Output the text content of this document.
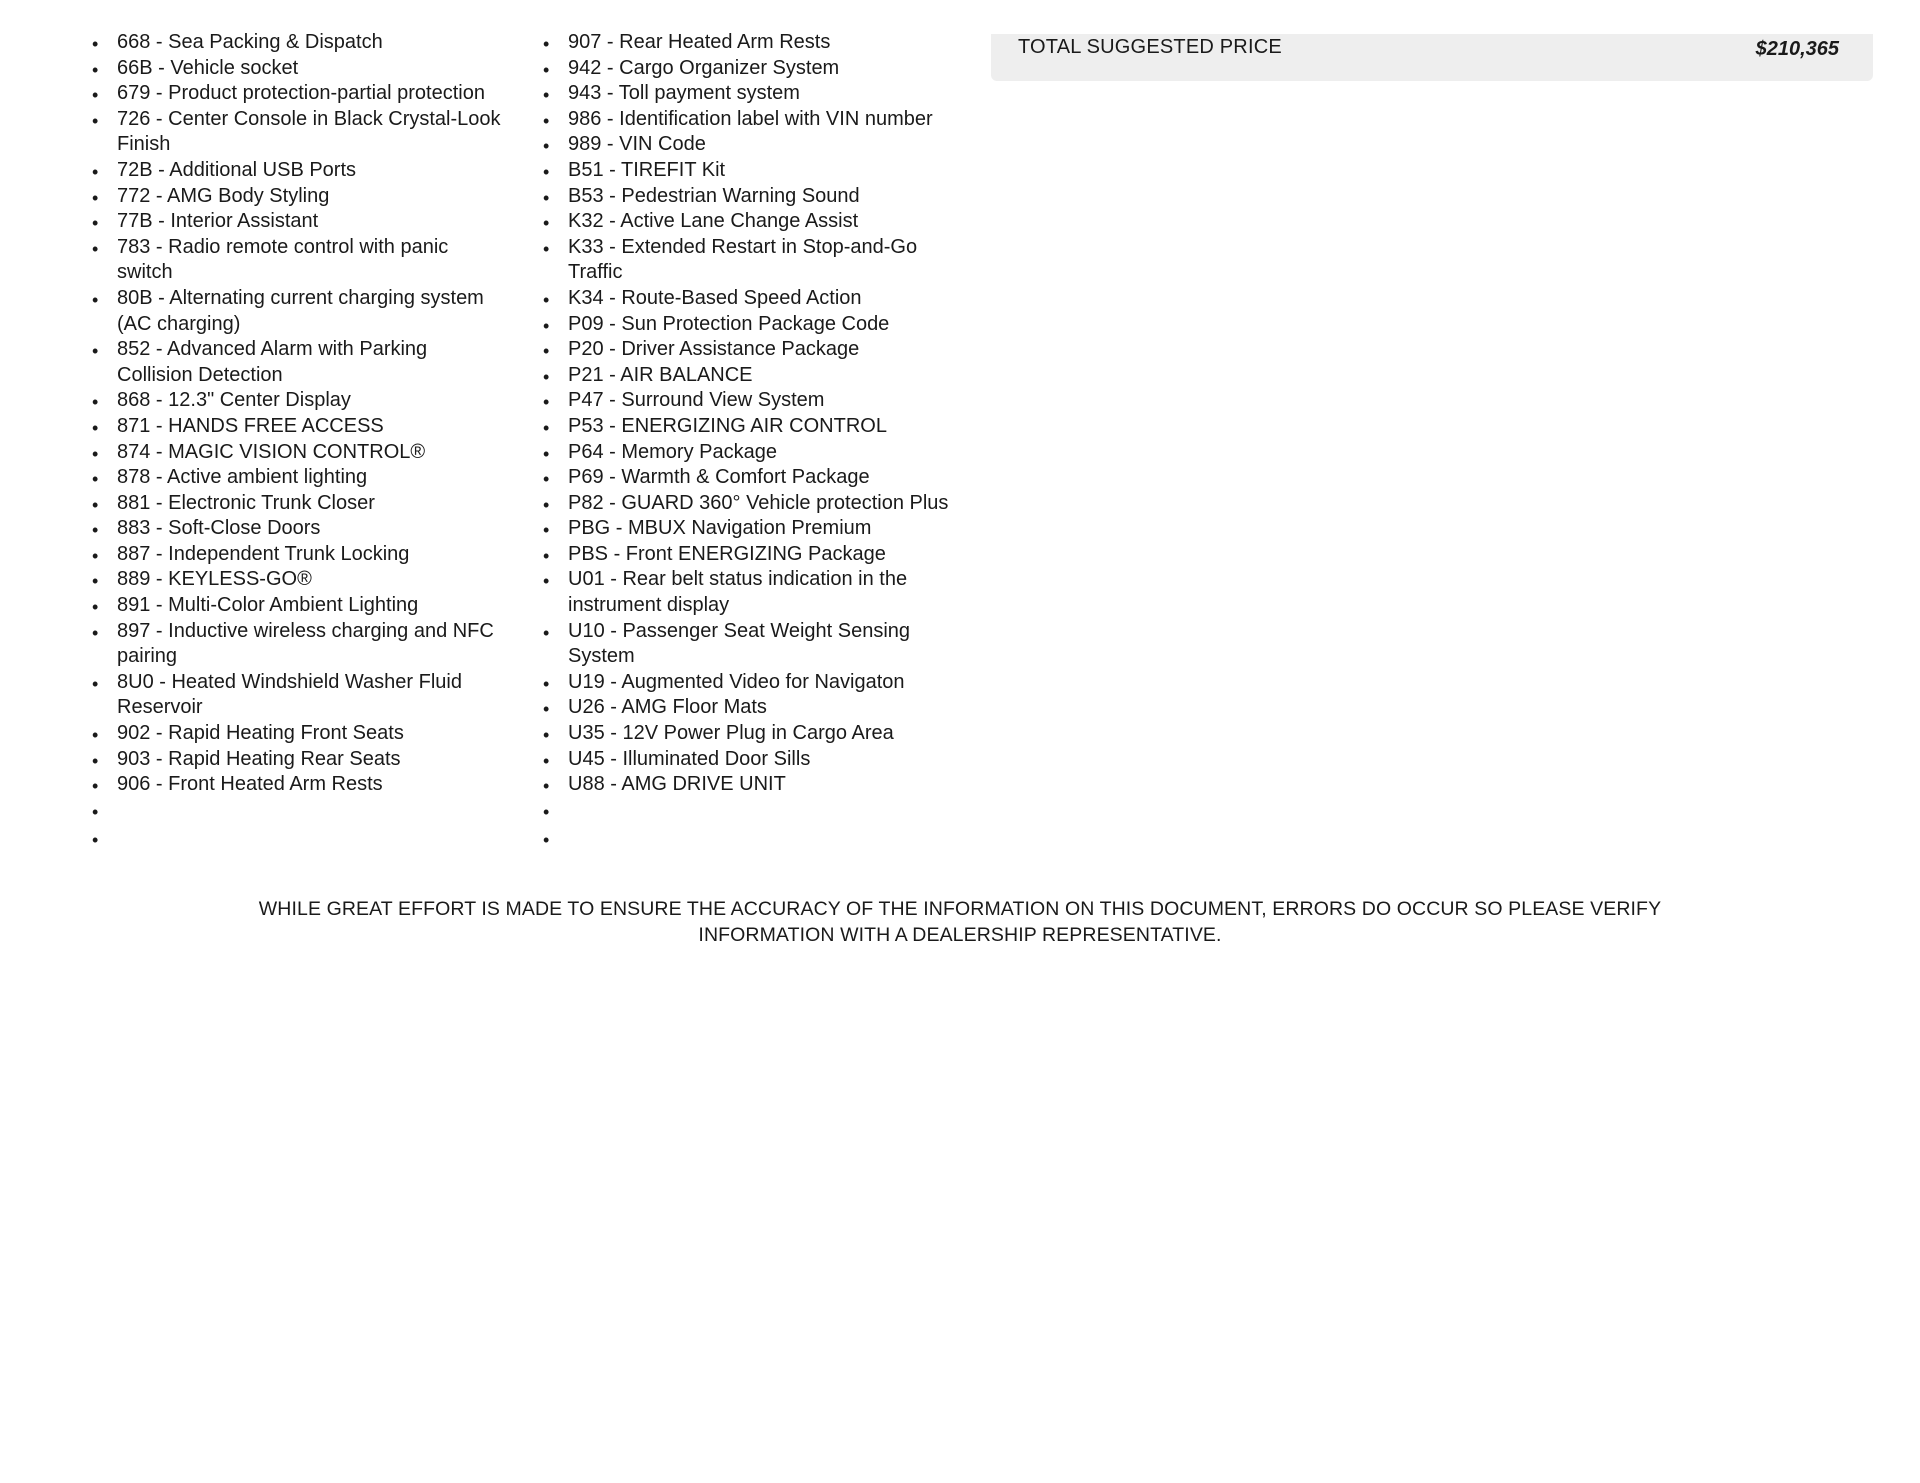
• 668 - Sea Packing & Dispatch
• 66B - Vehicle socket
• 679 - Product protection-partial protection
• 726 - Center Console in Black Crystal-Look
Finish
• 72B - Additional USB Ports
• 772 - AMG Body Styling
• 77B - Interior Assistant
• 783 - Radio remote control with panic
switch
• 80B - Alternating current charging system
(AC charging)
• 852 - Advanced Alarm with Parking
Collision Detection
• 868 - 12.3" Center Display
• 871 - HANDS FREE ACCESS
• 874 - MAGIC VISION CONTROL®
• 878 - Active ambient lighting
• 881 - Electronic Trunk Closer
• 883 - Soft-Close Doors
• 887 - Independent Trunk Locking
• 889 - KEYLESS-GO®
• 891 - Multi-Color Ambient Lighting
• 897 - Inductive wireless charging and NFC
pairing
• 8U0 - Heated Windshield Washer Fluid
Reservoir
• 902 - Rapid Heating Front Seats
• 903 - Rapid Heating Rear Seats
• 906 - Front Heated Arm Rests
•
•
• 907 - Rear Heated Arm Rests
• 942 - Cargo Organizer System
• 943 - Toll payment system
• 986 - Identification label with VIN number
• 989 - VIN Code
• B51 - TIREFIT Kit
• B53 - Pedestrian Warning Sound
• K32 - Active Lane Change Assist
• K33 - Extended Restart in Stop-and-Go
Traffic
• K34 - Route-Based Speed Action
• P09 - Sun Protection Package Code
• P20 - Driver Assistance Package
• P21 - AIR BALANCE
• P47 - Surround View System
• P53 - ENERGIZING AIR CONTROL
• P64 - Memory Package
• P69 - Warmth & Comfort Package
• P82 - GUARD 360° Vehicle protection Plus
• PBG - MBUX Navigation Premium
• PBS - Front ENERGIZING Package
• U01 - Rear belt status indication in the
instrument display
• U10 - Passenger Seat Weight Sensing
System
• U19 - Augmented Video for Navigaton
• U26 - AMG Floor Mats
• U35 - 12V Power Plug in Cargo Area
• U45 - Illuminated Door Sills
• U88 - AMG DRIVE UNIT
•
•
TOTAL SUGGESTED PRICE	$210,365
WHILE GREAT EFFORT IS MADE TO ENSURE THE ACCURACY OF THE INFORMATION ON THIS DOCUMENT, ERRORS DO OCCUR SO PLEASE VERIFY
INFORMATION WITH A DEALERSHIP REPRESENTATIVE.
